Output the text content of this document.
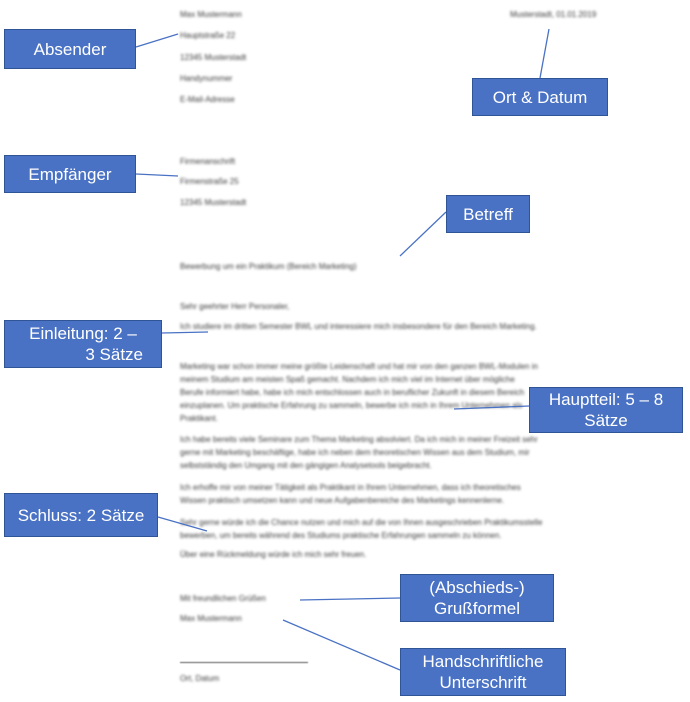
Max Mustermann	Musterstadt, 01.01.2019
Hauptstraße 22
12345 Musterstadt
Handynummer
E-Mail-Adresse
Firmenanschrift
Firmenstraße 25
12345 Musterstadt
Bewerbung um ein Praktikum (Bereich Marketing)
Sehr geehrter Herr Personaler,
Ich studiere im dritten Semester BWL und interessiere mich insbesondere für den Bereich Marketing.
Marketing war schon immer meine größte Leidenschaft und hat mir von den ganzen BWL-Modulen in
meinem Studium am meisten Spaß gemacht. Nachdem ich mich viel im Internet über mögliche
Berufe informiert habe, habe ich mich entschlossen auch in beruflicher Zukunft in diesem Bereich
einzuplanen. Um praktische Erfahrung zu sammeln, bewerbe ich mich in Ihrem Unternehmen als
Praktikant.
Ich habe bereits viele Seminare zum Thema Marketing absolviert. Da ich mich in meiner Freizeit sehr
gerne mit Marketing beschäftige, habe ich neben dem theoretischen Wissen aus dem Studium, mir
selbstständig den Umgang mit den gängigen Analysetools beigebracht.
Ich erhoffe mir von meiner Tätigkeit als Praktikant in Ihrem Unternehmen, dass ich theoretisches
Wissen praktisch umsetzen kann und neue Aufgabenbereiche des Marketings kennenlerne.
Sehr gerne würde ich die Chance nutzen und mich auf die von Ihnen ausgeschrieben Praktikumsstelle
bewerben, um bereits während des Studiums praktische Erfahrungen sammeln zu können.
Über eine Rückmeldung würde ich mich sehr freuen.
Mit freundlichen Grüßen
Max Mustermann
Ort, Datum
Absender
Ort & Datum
Empfänger
Betreff
Einleitung: 2 –
3 Sätze
Hauptteil: 5 – 8
Sätze
Schluss: 2 Sätze
(Abschieds-)
Grußformel
Handschriftliche
Unterschrift
